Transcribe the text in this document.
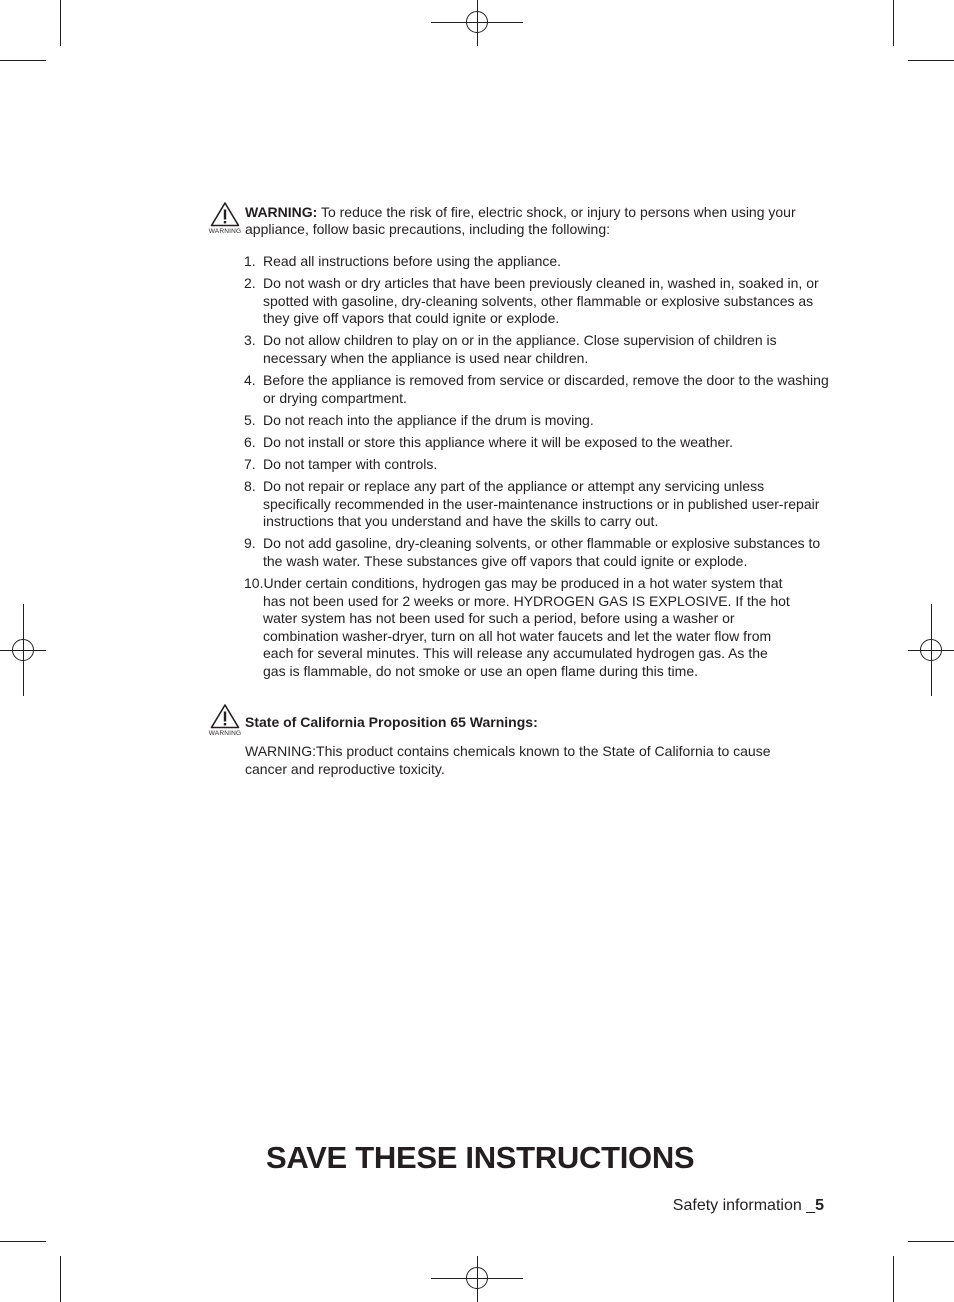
WARNING
WARNING: To reduce the risk of fire, electric shock, or injury to persons when using your
appliance, follow basic precautions, including the following:
1. Read all instructions before using the appliance.
2. Do not wash or dry articles that have been previously cleaned in, washed in, soaked in, or spotted with gasoline, dry-cleaning solvents, other flammable or explosive substances as they give off vapors that could ignite or explode.
3. Do not allow children to play on or in the appliance. Close supervision of children is necessary when the appliance is used near children.
4. Before the appliance is removed from service or discarded, remove the door to the washing or drying compartment.
5. Do not reach into the appliance if the drum is moving.
6. Do not install or store this appliance where it will be exposed to the weather.
7. Do not tamper with controls.
8. Do not repair or replace any part of the appliance or attempt any servicing unless specifically recommended in the user-maintenance instructions or in published user-repair instructions that you understand and have the skills to carry out.
9. Do not add gasoline, dry-cleaning solvents, or other flammable or explosive substances to the wash water. These substances give off vapors that could ignite or explode.
10.Under certain conditions, hydrogen gas may be produced in a hot water system that has not been used for 2 weeks or more. HYDROGEN GAS IS EXPLOSIVE. If the hot water system has not been used for such a period, before using a washer or combination washer-dryer, turn on all hot water faucets and let the water flow from each for several minutes. This will release any accumulated hydrogen gas. As the gas is flammable, do not smoke or use an open flame during this time.
WARNING
State of California Proposition 65 Warnings:
WARNING:This product contains chemicals known to the State of California to cause cancer and reproductive toxicity.
SAVE THESE INSTRUCTIONS
Safety information _5
